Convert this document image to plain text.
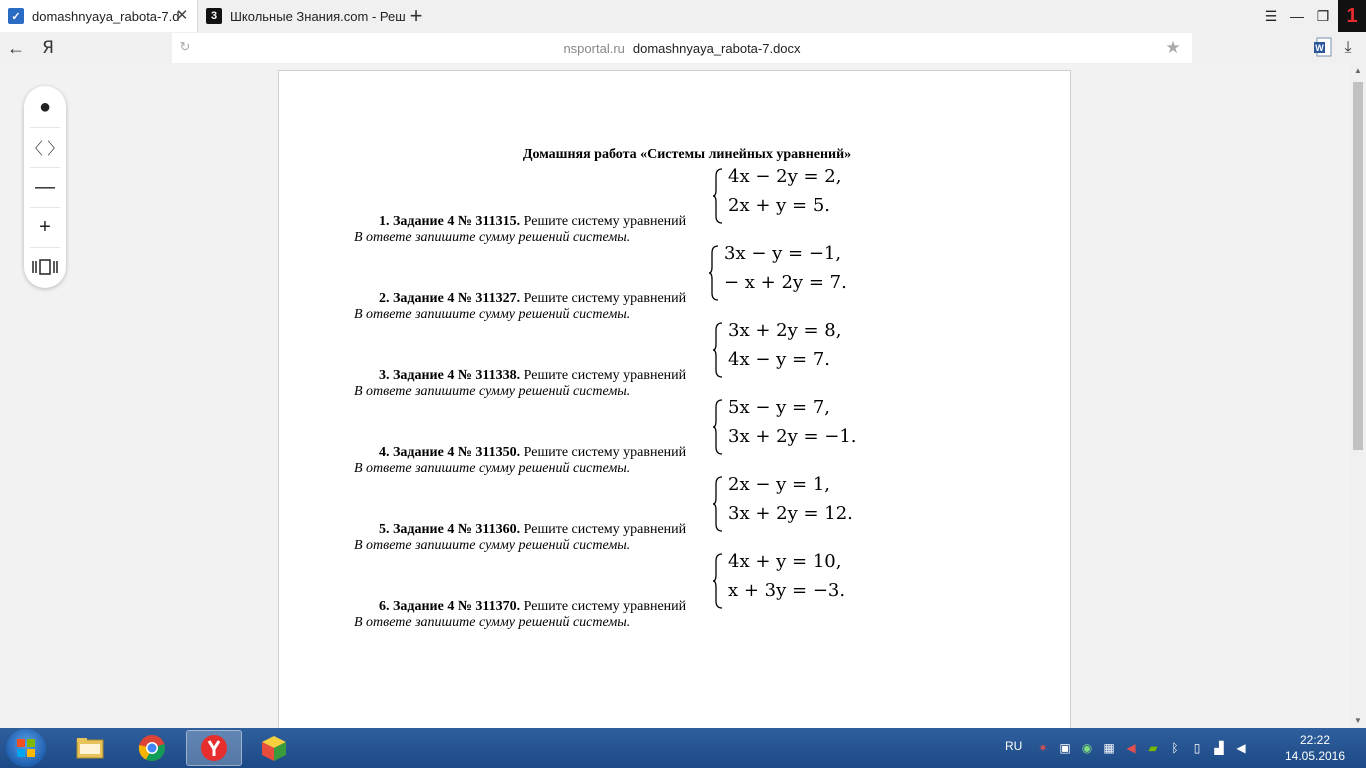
✓ domashnyaya_rabota-7.d
✕	3 Школьные Знания.com - Реш +	☰ — ❐ 1
← Я	↻	nsportal.ru domashnyaya_rabota-7.docx	★	W	⤓
Домашняя работа «Системы линейных уравнений»
1. Задание 4 № 311315. Решите систему уравнений
4x − 2y = 2,
2x + y = 5.
В ответе запишите сумму решений системы.
2. Задание 4 № 311327. Решите систему уравнений
3x − y = −1,
− x + 2y = 7.
В ответе запишите сумму решений системы.
3. Задание 4 № 311338. Решите систему уравнений
3x + 2y = 8,
4x − y = 7.
В ответе запишите сумму решений системы.
4. Задание 4 № 311350. Решите систему уравнений
5x − y = 7,
3x + 2y = −1.
В ответе запишите сумму решений системы.
5. Задание 4 № 311360. Решите систему уравнений
2x − y = 1,
3x + 2y = 12.
В ответе запишите сумму решений системы.
6. Задание 4 № 311370. Решите систему уравнений
4x + y = 10,
x + 3y = −3.
В ответе запишите сумму решений системы.
▲
▼
●
〈
〉
—
+
RU ✶ ▣ ◉ ▦ ◀ ▰ ᛒ	▯	▟ ◀
22:22
14.05.2016
